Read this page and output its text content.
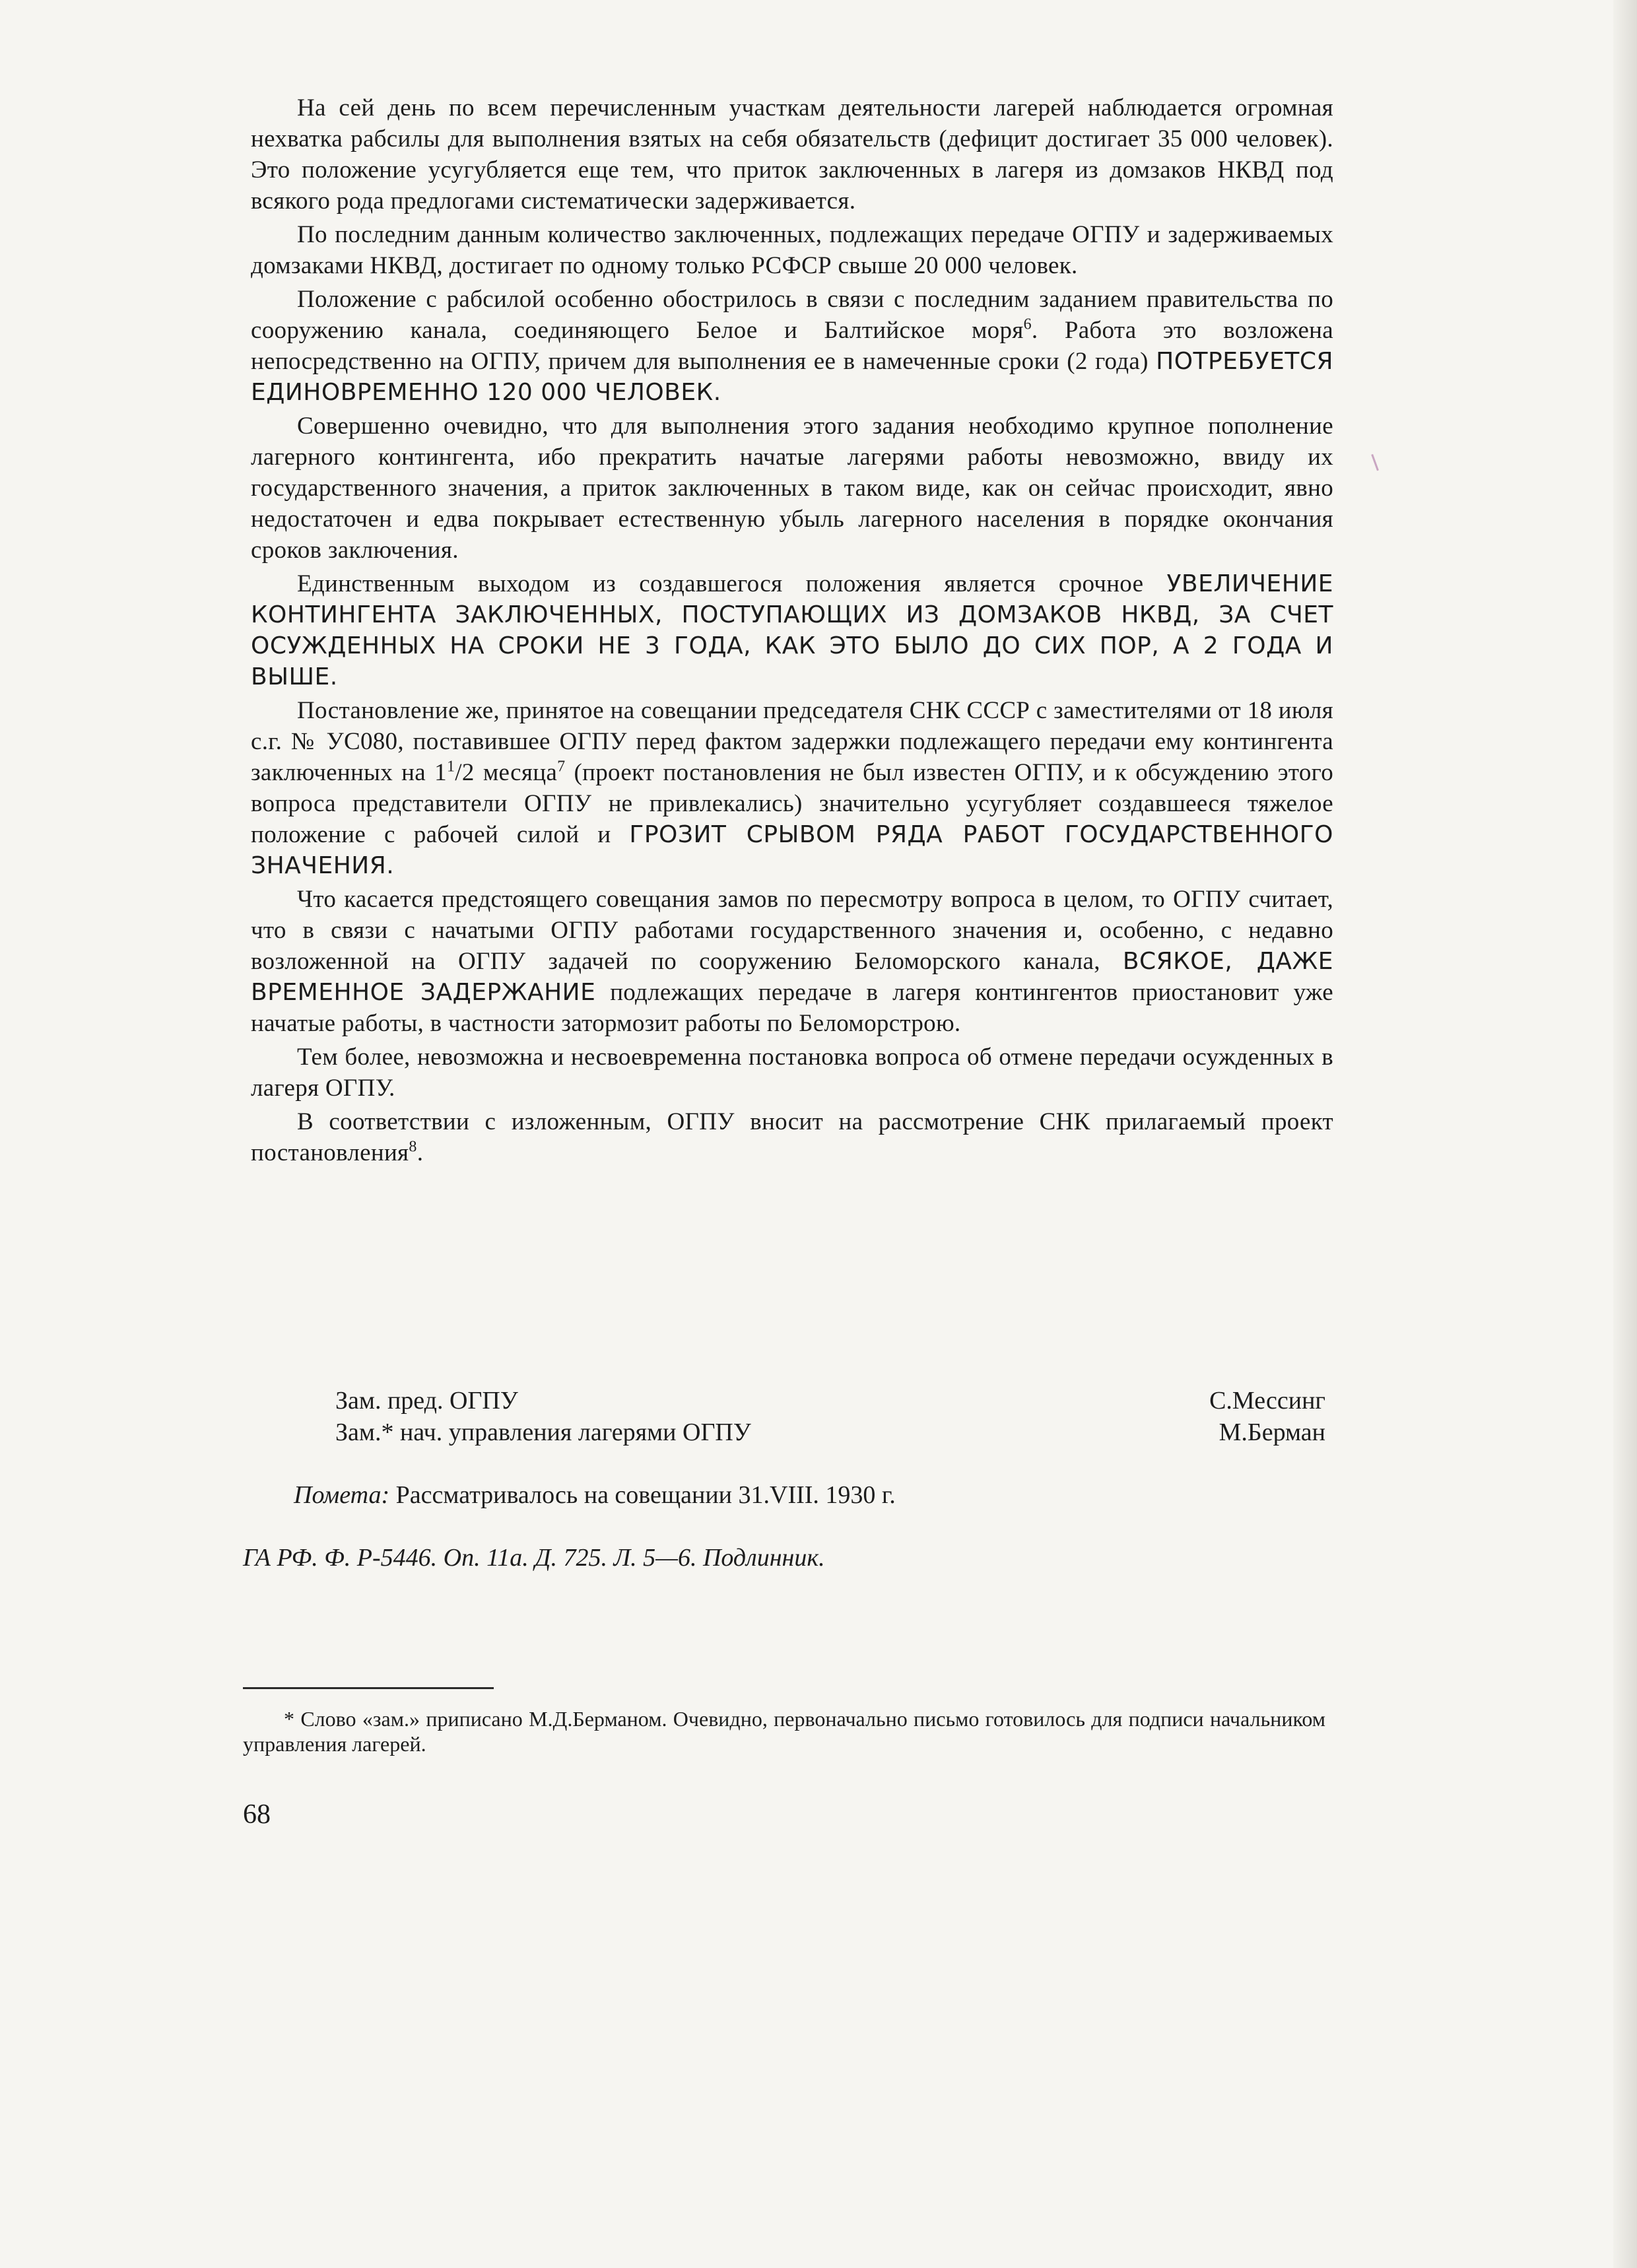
На сей день по всем перечисленным участкам деятельности лагерей наблюдается огромная нехватка рабсилы для выполнения взятых на себя обязательств (дефицит достигает 35 000 человек). Это положение усугубляется еще тем, что приток заключенных в лагеря из домзаков НКВД под всякого рода предлогами систематически задерживается.

По последним данным количество заключенных, подлежащих передаче ОГПУ и задерживаемых домзаками НКВД, достигает по одному только РСФСР свыше 20 000 человек.

Положение с рабсилой особенно обострилось в связи с последним заданием правительства по сооружению канала, соединяющего Белое и Балтийское моря$^6$. Работа это возложена непосредственно на ОГПУ, причем для выполнения ее в намеченные сроки (2 года) ПОТРЕБУЕТСЯ ЕДИНОВРЕМЕННО 120 000 ЧЕЛОВЕК.

Совершенно очевидно, что для выполнения этого задания необходимо крупное пополнение лагерного контингента, ибо прекратить начатые лагерями работы невозможно, ввиду их государственного значения, а приток заключенных в таком виде, как он сейчас происходит, явно недостаточен и едва покрывает естественную убыль лагерного населения в порядке окончания сроков заключения.

Единственным выходом из создавшегося положения является срочное УВЕЛИЧЕНИЕ КОНТИНГЕНТА ЗАКЛЮЧЕННЫХ, ПОСТУПАЮЩИХ ИЗ ДОМЗАКОВ НКВД, ЗА СЧЕТ ОСУЖДЕННЫХ НА СРОКИ НЕ 3 ГОДА, КАК ЭТО БЫЛО ДО СИХ ПОР, А 2 ГОДА И ВЫШЕ.

Постановление же, принятое на совещании председателя СНК СССР с заместителями от 18 июля с.г. № УС080, поставившее ОГПУ перед фактом задержки подлежащего передачи ему контингента заключенных на $1^1/2$ месяца$^7$ (проект постановления не был известен ОГПУ, и к обсуждению этого вопроса представители ОГПУ не привлекались) значительно усугубляет создавшееся тяжелое положение с рабочей силой и ГРОЗИТ СРЫВОМ РЯДА РАБОТ ГОСУДАРСТВЕННОГО ЗНАЧЕНИЯ.

Что касается предстоящего совещания замов по пересмотру вопроса в целом, то ОГПУ считает, что в связи с начатыми ОГПУ работами государственного значения и, особенно, с недавно возложенной на ОГПУ задачей по сооружению Беломорского канала, ВСЯКОЕ, ДАЖЕ ВРЕМЕННОЕ ЗАДЕРЖАНИЕ подлежащих передаче в лагеря контингентов приостановит уже начатые работы, в частности затормозит работы по Беломорстрою.

Тем более, невозможна и несвоевременна постановка вопроса об отмене передачи осужденных в лагеря ОГПУ.

В соответствии с изложенным, ОГПУ вносит на рассмотрение СНК прилагаемый проект постановления$^8$.

Зам. пред. ОГПУ	С.Мессинг
Зам.* нач. управления лагерями ОГПУ	М.Берман
Помета: Рассматривалось на совещании 31.VIII. 1930 г.
ГА РФ. Ф. Р-5446. Оп. 11а. Д. 725. Л. 5—6. Подлинник.
* Слово «зам.» приписано М.Д.Берманом. Очевидно, первоначально письмо готовилось для подписи начальником управления лагерей.
68
